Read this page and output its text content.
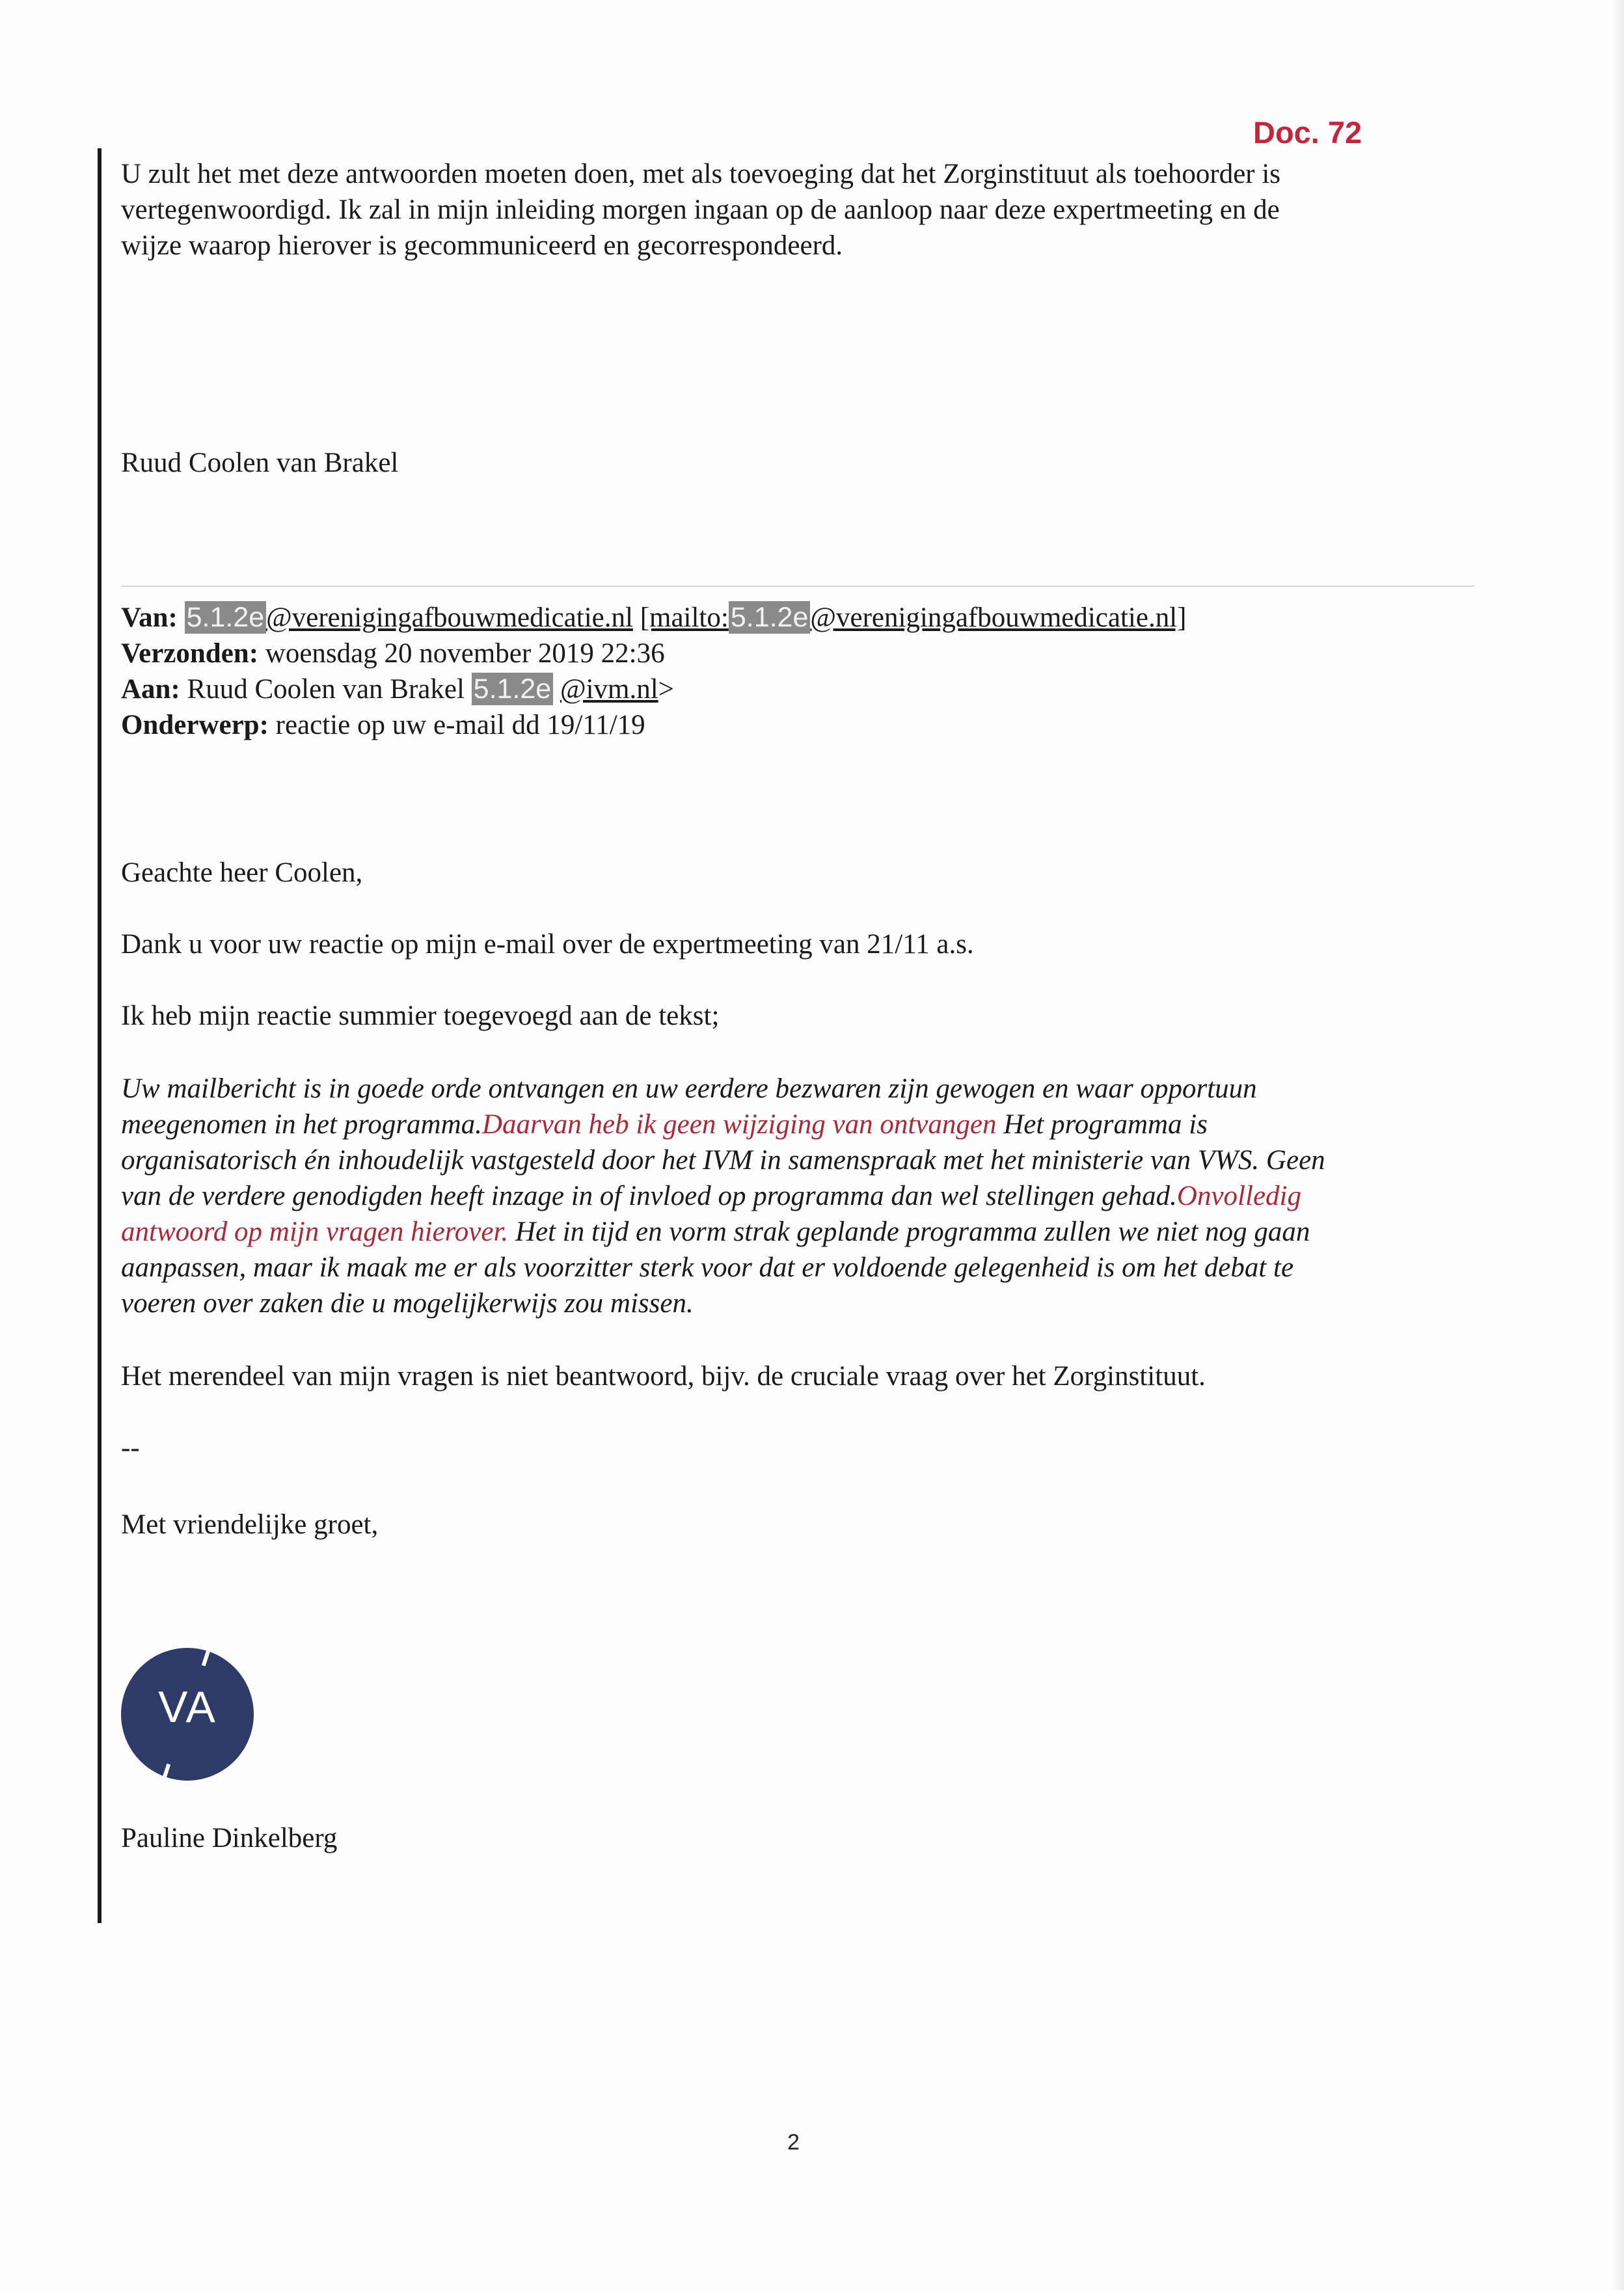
Doc. 72
U zult het met deze antwoorden moeten doen, met als toevoeging dat het Zorginstituut als toehoorder is
vertegenwoordigd. Ik zal in mijn inleiding morgen ingaan op de aanloop naar deze expertmeeting en de
wijze waarop hierover is gecommuniceerd en gecorrespondeerd.
Ruud Coolen van Brakel
Van: 5.1.2e@verenigingafbouwmedicatie.nl [mailto:5.1.2e@verenigingafbouwmedicatie.nl]
Verzonden: woensdag 20 november 2019 22:36
Aan: Ruud Coolen van Brakel 5.1.2e @ivm.nl>
Onderwerp: reactie op uw e-mail dd 19/11/19
Geachte heer Coolen,
Dank u voor uw reactie op mijn e-mail over de expertmeeting van 21/11 a.s.
Ik heb mijn reactie summier toegevoegd aan de tekst;
Uw mailbericht is in goede orde ontvangen en uw eerdere bezwaren zijn gewogen en waar opportuun
meegenomen in het programma.Daarvan heb ik geen wijziging van ontvangen Het programma is
organisatorisch én inhoudelijk vastgesteld door het IVM in samenspraak met het ministerie van VWS. Geen
van de verdere genodigden heeft inzage in of invloed op programma dan wel stellingen gehad.Onvolledig
antwoord op mijn vragen hierover. Het in tijd en vorm strak geplande programma zullen we niet nog gaan
aanpassen, maar ik maak me er als voorzitter sterk voor dat er voldoende gelegenheid is om het debat te
voeren over zaken die u mogelijkerwijs zou missen.
Het merendeel van mijn vragen is niet beantwoord, bijv. de cruciale vraag over het Zorginstituut.
--
Met vriendelijke groet,
VA
Pauline Dinkelberg
2
